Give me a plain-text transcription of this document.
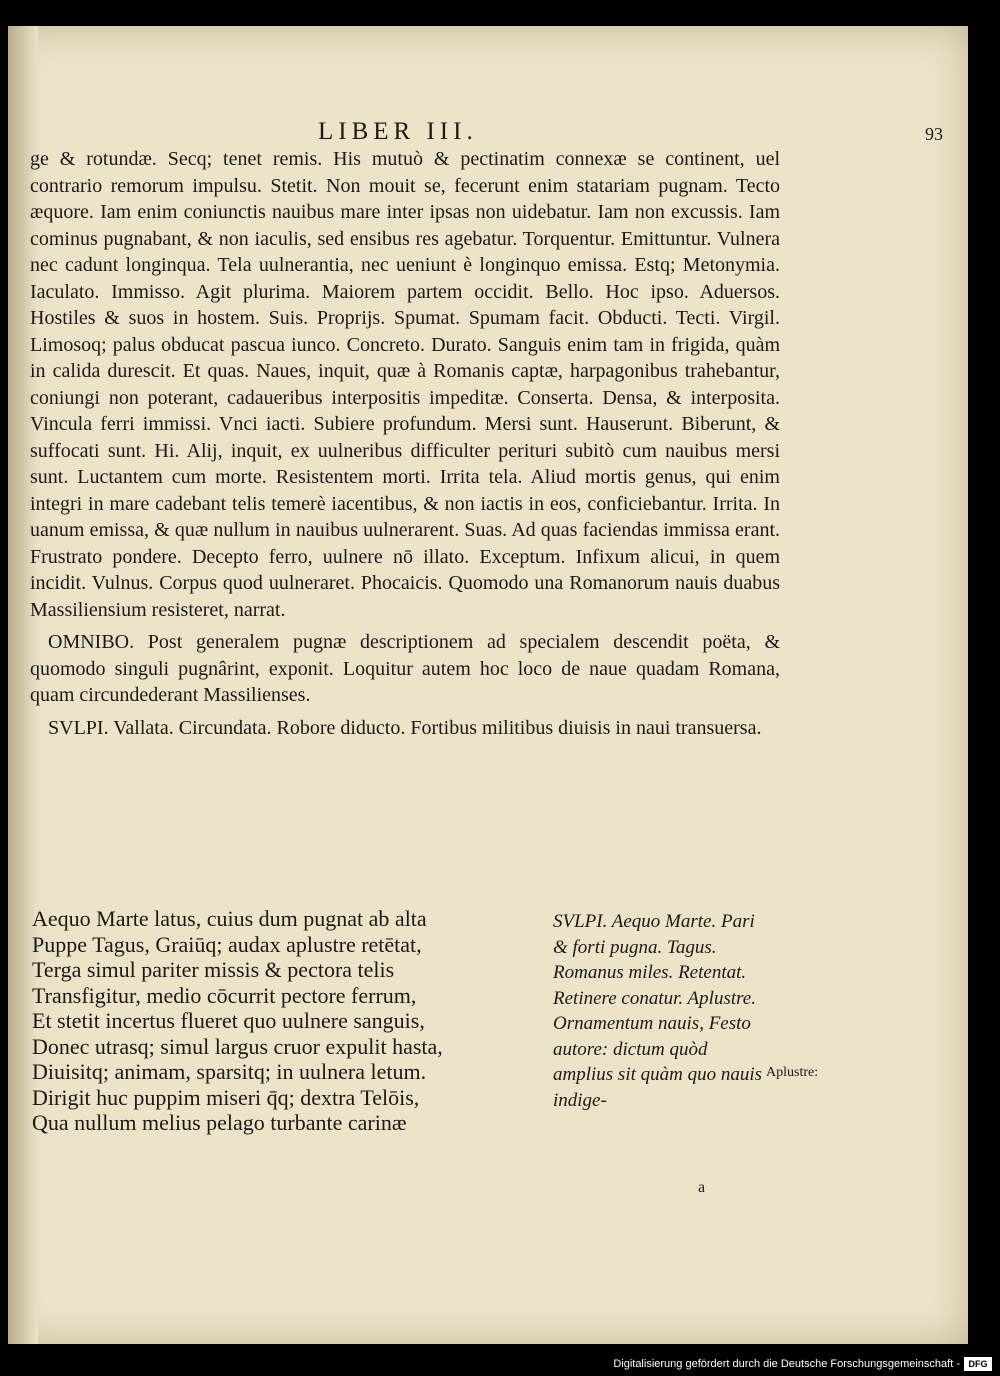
LIBER III.	93

ge & rotundæ. Secq; tenet remis. His mutuò & pectinatim connexæ se continent, uel contrario remorum impulsu. Stetit. Non mouit se, fecerunt enim statariam pugnam. Tecto æquore. Iam enim coniunctis nauibus mare inter ipsas non uidebatur. Iam non excussis. Iam cominus pugnabant, & non iaculis, sed ensibus res agebatur. Torquentur. Emittuntur. Vulnera nec cadunt longinqua. Tela uulnerantia, nec ueniunt è longinquo emissa. Estq; Metonymia. Iaculato. Immisso. Agit plurima. Maiorem partem occidit. Bello. Hoc ipso. Aduersos. Hostiles & suos in hostem. Suis. Proprijs. Spumat. Spumam facit. Obducti. Tecti. Virgil. Limosoq; palus obducat pascua iunco. Concreto. Durato. Sanguis enim tam in frigida, quàm in calida durescit. Et quas. Naues, inquit, quæ à Romanis captæ, harpagonibus trahebantur, coniungi non poterant, cadaueribus interpositis impeditæ. Conserta. Densa, & interposita. Vincula ferri immissi. Vnci iacti. Subiere profundum. Mersi sunt. Hauserunt. Biberunt, & suffocati sunt. Hi. Alij, inquit, ex uulneribus difficulter perituri subitò cum nauibus mersi sunt. Luctantem cum morte. Resistentem morti. Irrita tela. Aliud mortis genus, qui enim integri in mare cadebant telis temerè iacentibus, & non iactis in eos, conficiebantur. Irrita. In uanum emissa, & quæ nullum in nauibus uulnerarent. Suas. Ad quas faciendas immissa erant. Frustrato pondere. Decepto ferro, uulnere nō illato. Exceptum. Infixum alicui, in quem incidit. Vulnus. Corpus quod uulneraret. Phocaicis. Quomodo una Romanorum nauis duabus Massiliensium resisteret, narrat.

OMNIBO. Post generalem pugnæ descriptionem ad specialem descendit poëta, & quomodo singuli pugnârint, exponit. Loquitur autem hoc loco de naue quadam Romana, quam circundederant Massilienses.

SVLPI. Vallata. Circundata. Robore diducto. Fortibus militibus diuisis in naui transuersa.

Aequo Marte latus, cuius dum pugnat ab alta
Puppe Tagus, Graiūq; audax aplustre retētat,
Terga simul pariter missis & pectora telis
Transfigitur, medio cōcurrit pectore ferrum,
Et stetit incertus flueret quo uulnere sanguis,
Donec utrasq; simul largus cruor expulit hasta,
Diuisitq; animam, sparsitq; in uulnera letum.
Dirigit huc puppim miseri q̄q; dextra Telōis,
Qua nullum melius pelago turbante carinæ
SVLPI. Aequo Marte. Pari & forti pugna. Tagus. Romanus miles. Retentat. Retinere conatur. Aplustre. Ornamentum nauis, Festo autore: dictum quòd amplius sit quàm quo nauis indige-
Aplustre:
a
Digitalisierung gefördert durch die Deutsche Forschungsgemeinschaft - DFG
